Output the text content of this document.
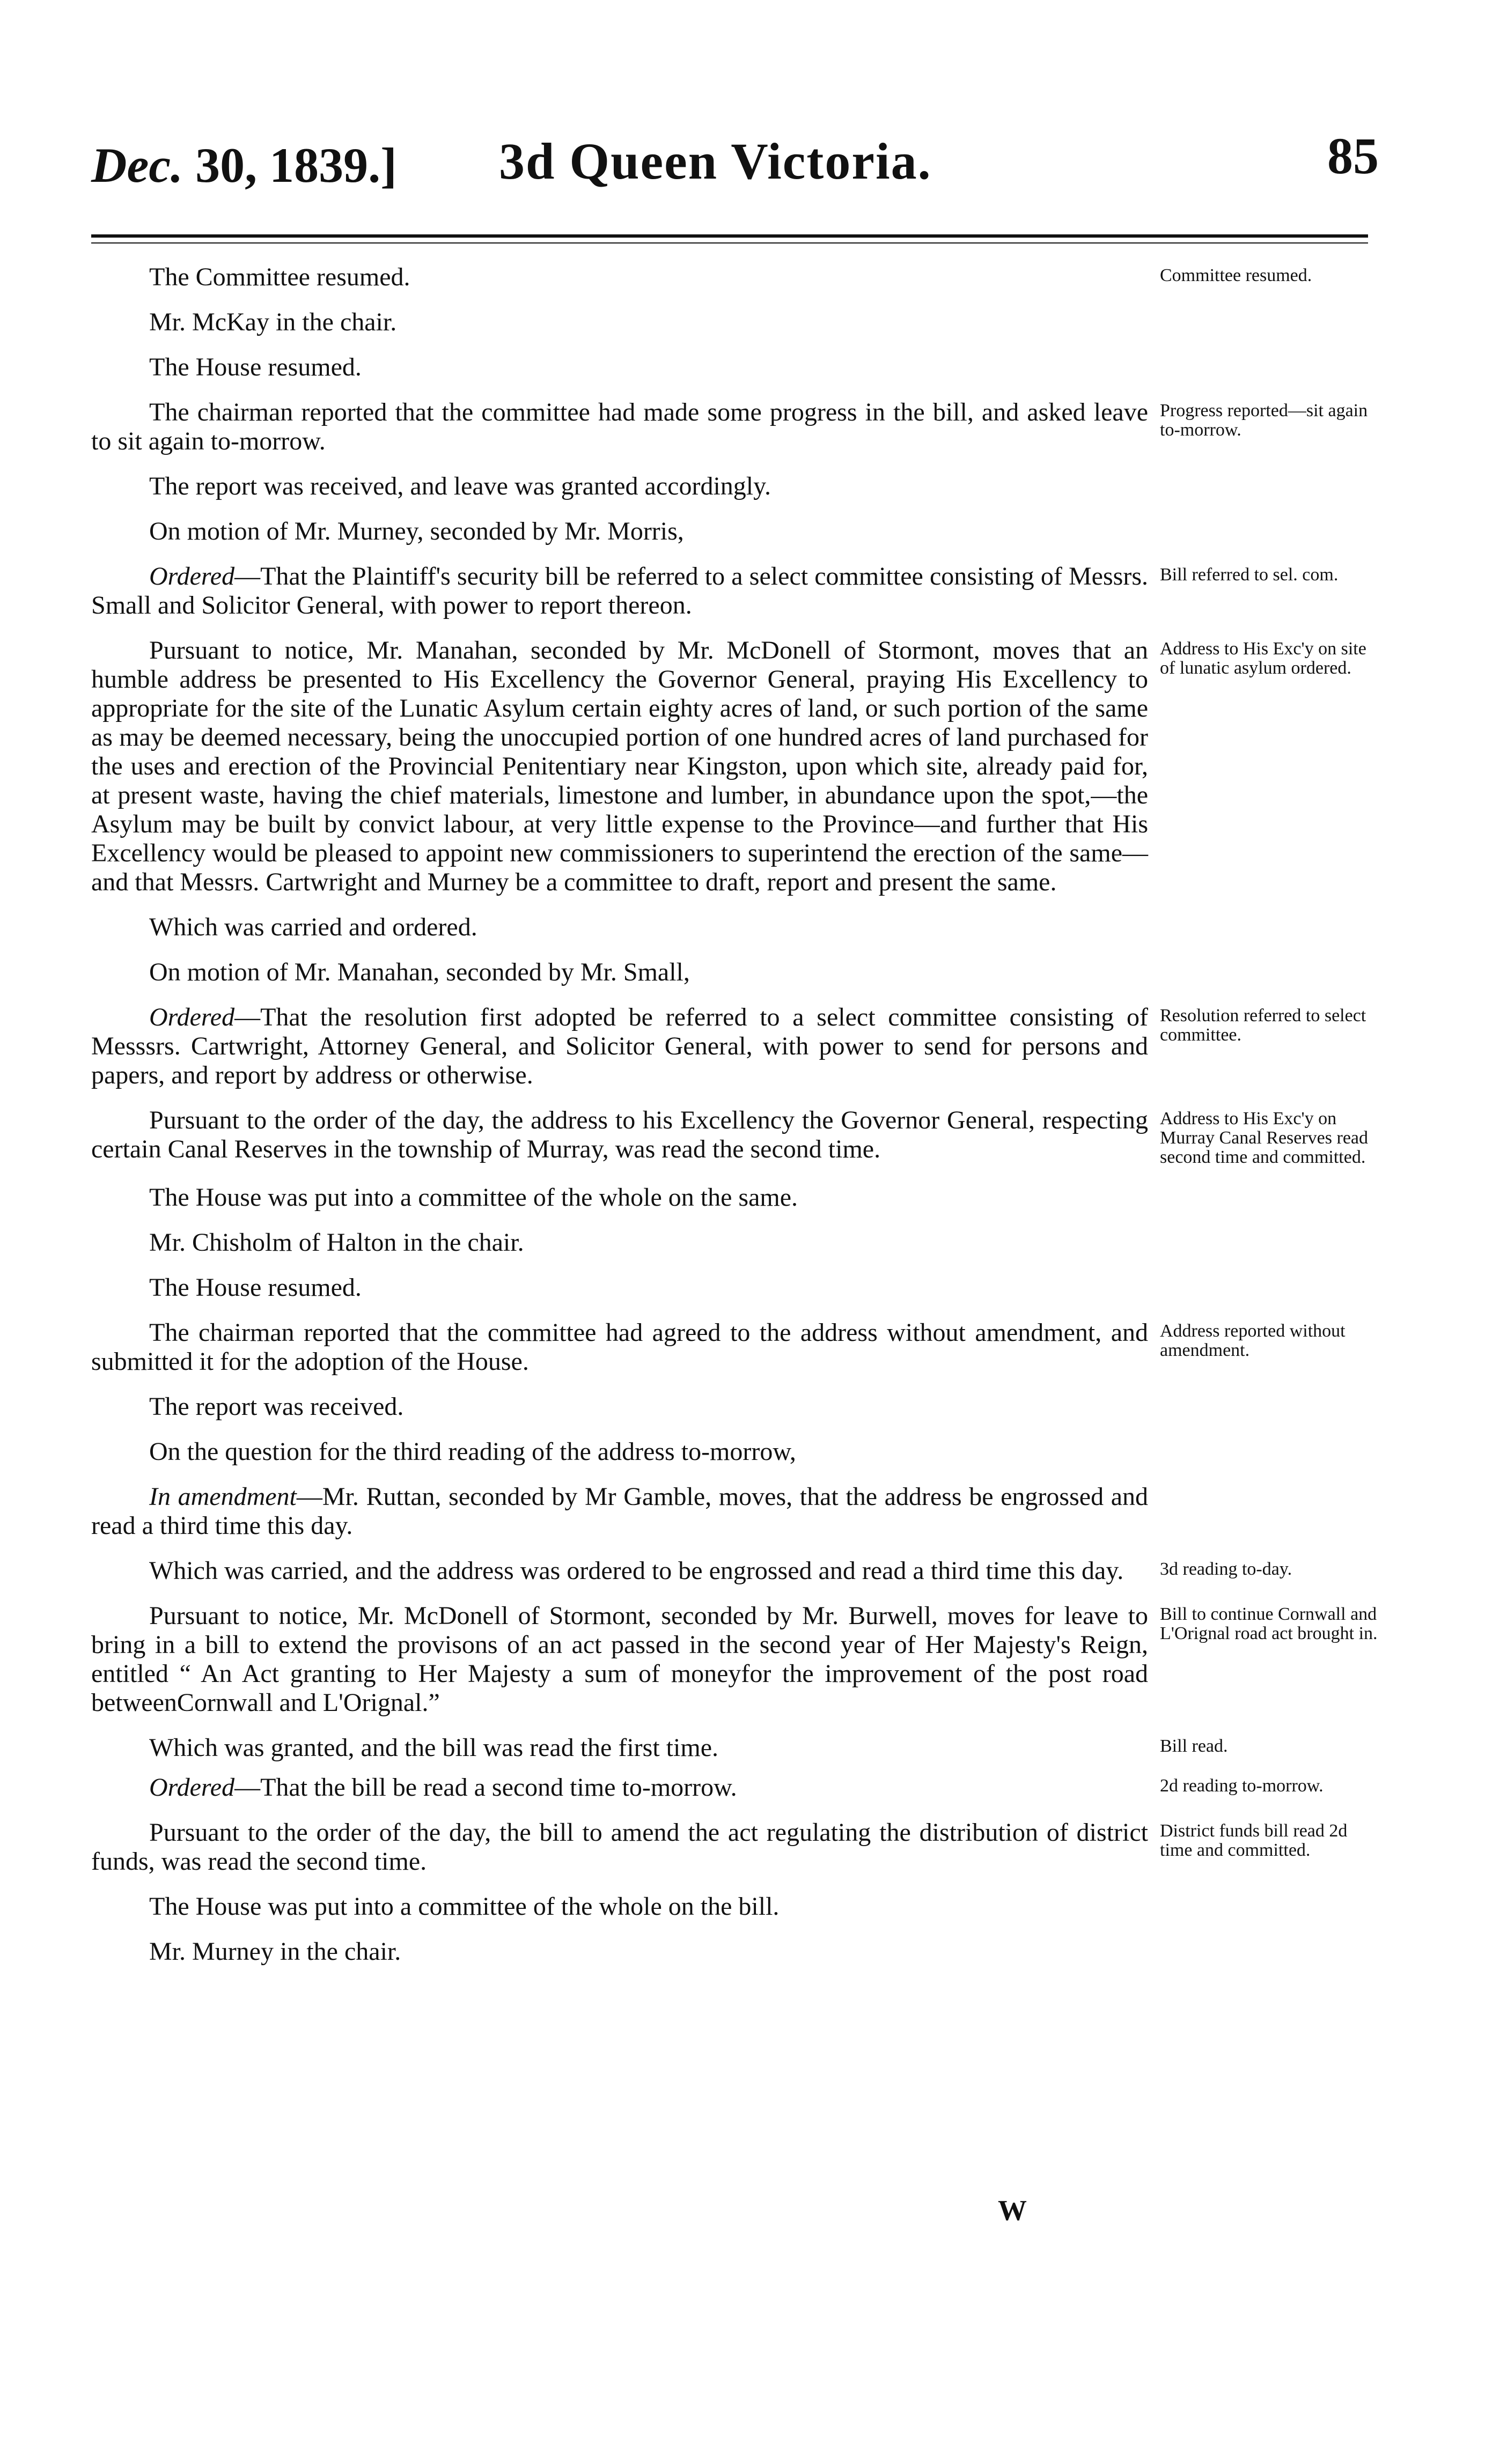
Dec. 30, 1839.] 3d Queen Victoria.	85
The Committee resumed.	Committee resumed.
Mr. McKay in the chair.
The House resumed.
The chairman reported that the committee had made some progress in the bill, and asked leave to sit again to-morrow.
Progress reported—sit again to-morrow.
The report was received, and leave was granted accordingly.
On motion of Mr. Murney, seconded by Mr. Morris,
Ordered—That the Plaintiff's security bill be referred to a select committee consisting of Messrs. Small and Solicitor General, with power to report thereon.
Bill referred to sel. com.
Pursuant to notice, Mr. Manahan, seconded by Mr. McDonell of Stormont, moves that an humble address be presented to His Excellency the Governor General, praying His Excellency to appropriate for the site of the Lunatic Asylum certain eighty acres of land, or such portion of the same as may be deemed necessary, being the unoccupied portion of one hundred acres of land purchased for the uses and erection of the Provincial Penitentiary near Kingston, upon which site, already paid for, at present waste, having the chief materials, limestone and lumber, in abundance upon the spot,—the Asylum may be built by convict labour, at very little expense to the Province—and further that His Excellency would be pleased to appoint new commissioners to superintend the erection of the same—and that Messrs. Cartwright and Murney be a committee to draft, report and present the same.
Address to His Exc'y on site of lunatic asylum ordered.
Which was carried and ordered.
On motion of Mr. Manahan, seconded by Mr. Small,
Ordered—That the resolution first adopted be referred to a select committee consisting of Messsrs. Cartwright, Attorney General, and Solicitor General, with power to send for persons and papers, and report by address or otherwise.
Resolution referred to select committee.
Pursuant to the order of the day, the address to his Excellency the Governor General, respecting certain Canal Reserves in the township of Murray, was read the second time.
Address to His Exc'y on Murray Canal Reserves read second time and committed.
The House was put into a committee of the whole on the same.
Mr. Chisholm of Halton in the chair.
The House resumed.
The chairman reported that the committee had agreed to the address without amendment, and submitted it for the adoption of the House.
Address reported without amendment.
The report was received.
On the question for the third reading of the address to-morrow,
In amendment—Mr. Ruttan, seconded by Mr Gamble, moves, that the address be engrossed and read a third time this day.
Which was carried, and the address was ordered to be engrossed and read a third time this day.	3d reading to-day.
Pursuant to notice, Mr. McDonell of Stormont, seconded by Mr. Burwell, moves for leave to bring in a bill to extend the provisons of an act passed in the second year of Her Majesty's Reign, entitled “ An Act granting to Her Majesty a sum of moneyfor the improvement of the post road betweenCornwall and L'Orignal.”
Bill to continue Cornwall and L'Orignal road act brought in.
Which was granted, and the bill was read the first time.	Bill read.
Ordered—That the bill be read a second time to-morrow.	2d reading to-morrow.
Pursuant to the order of the day, the bill to amend the act regulating the distribution of district funds, was read the second time.
District funds bill read 2d time and committed.
The House was put into a committee of the whole on the bill.
Mr. Murney in the chair.
W
